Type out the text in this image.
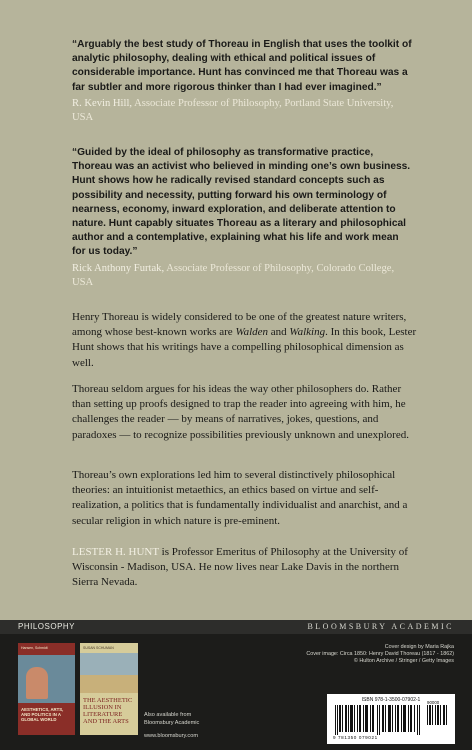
“Arguably the best study of Thoreau in English that uses the toolkit of analytic philosophy, dealing with ethical and political issues of considerable importance. Hunt has convinced me that Thoreau was a far subtler and more rigorous thinker than I had ever imagined.”

R. Kevin Hill, Associate Professor of Philosophy, Portland State University, USA

“Guided by the ideal of philosophy as transformative practice, Thoreau was an activist who believed in minding one’s own business. Hunt shows how he radically revised standard concepts such as possibility and necessity, putting forward his own terminology of nearness, economy, inward exploration, and deliberate attention to nature. Hunt capably situates Thoreau as a literary and philosophical author and a contemplative, explaining what his life and work mean for us today.”

Rick Anthony Furtak, Associate Professor of Philosophy, Colorado College, USA

Henry Thoreau is widely considered to be one of the greatest nature writers, among whose best-known works are Walden and Walking. In this book, Lester Hunt shows that his writings have a compelling philosophical dimension as well.

Thoreau seldom argues for his ideas the way other philosophers do. Rather than setting up proofs designed to trap the reader into agreeing with him, he challenges the reader — by means of narratives, jokes, questions, and paradoxes — to recognize possibilities previously unknown and unexplored.

Thoreau’s own explorations led him to several distinctively philosophical theories: an intuitionist metaethics, an ethics based on virtue and self-realization, a politics that is fundamentally individualist and anarchist, and a secular religion in which nature is pre-eminent.

LESTER H. HUNT is Professor Emeritus of Philosophy at the University of Wisconsin - Madison, USA. He now lives near Lake Davis in the northern Sierra Nevada.

PHILOSOPHY	BLOOMSBURY ACADEMIC
Hansen, Schmidt
AESTHETICS, ARTS, AND POLITICS IN A GLOBAL WORLD
SUSAN SCHUMAN
THE AESTHETIC ILLUSION IN LITERATURE AND THE ARTS
Also available from
Bloomsbury Academic
www.bloomsbury.com
Cover design by Maria Rajka
Cover image: Circa 1850: Henry David Thoreau (1817 - 1862)
© Hulton Archive / Stringer / Getty Images
ISBN 978-1-3500-07902-1
9 781350 079021
90000
